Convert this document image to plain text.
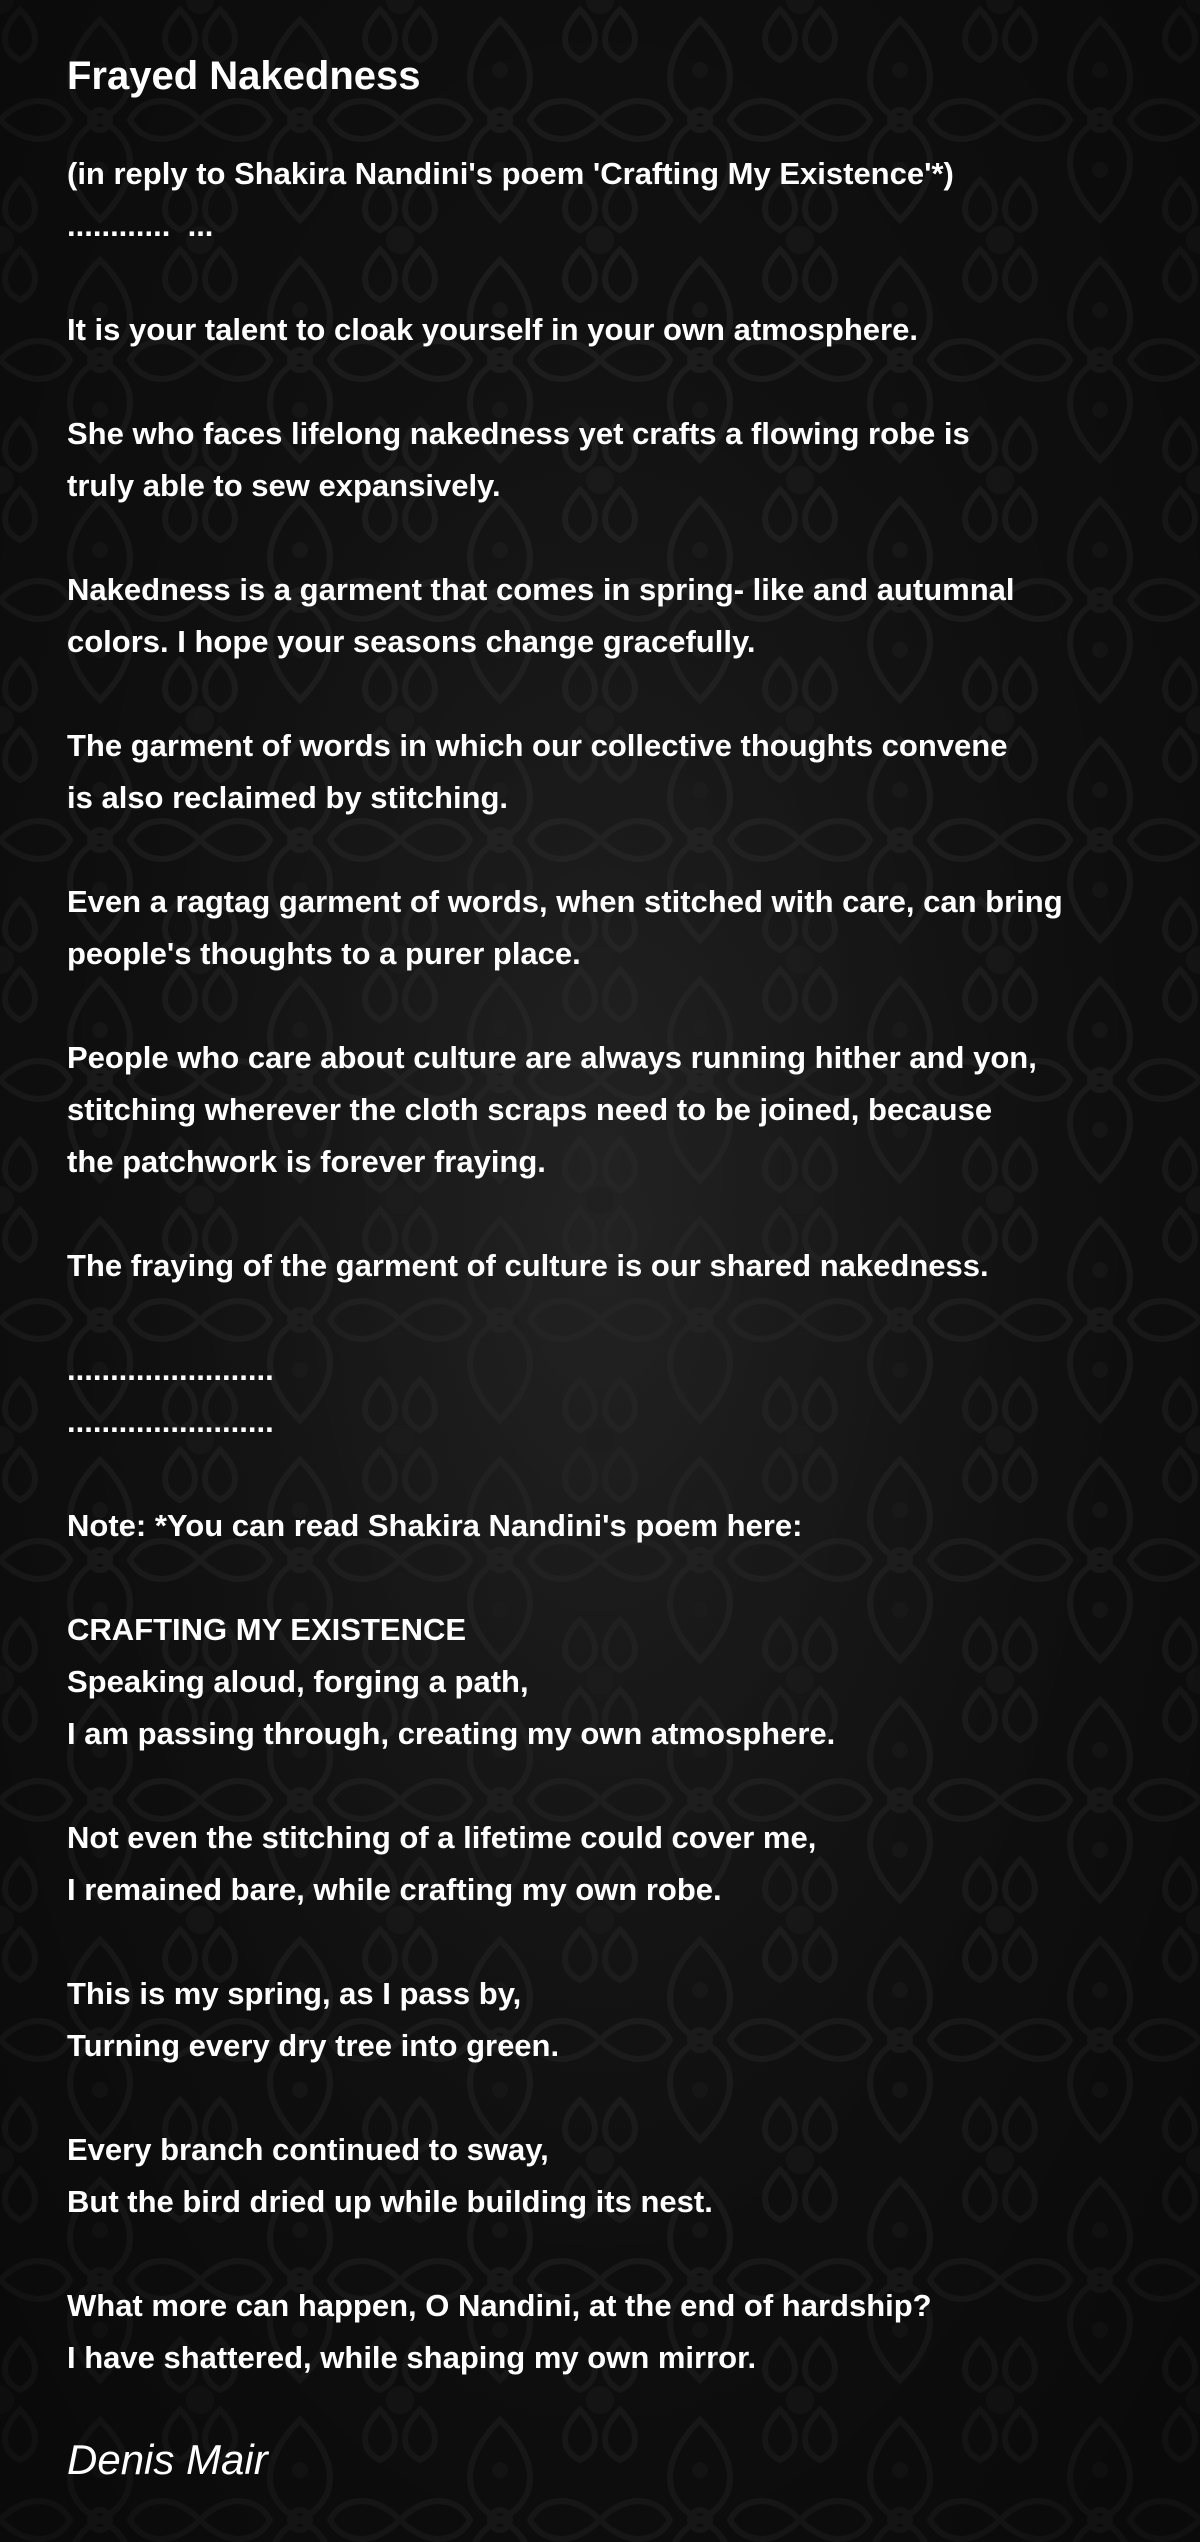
Frayed Nakedness
(in reply to Shakira Nandini's poem 'Crafting My Existence'*)
............  ...
It is your talent to cloak yourself in your own atmosphere.
She who faces lifelong nakedness yet crafts a flowing robe is
truly able to sew expansively.
Nakedness is a garment that comes in spring- like and autumnal
colors. I hope your seasons change gracefully.
The garment of words in which our collective thoughts convene
is also reclaimed by stitching.
Even a ragtag garment of words, when stitched with care, can bring
people's thoughts to a purer place.
People who care about culture are always running hither and yon,
stitching wherever the cloth scraps need to be joined, because
the patchwork is forever fraying.
The fraying of the garment of culture is our shared nakedness.
........................
........................
Note: *You can read Shakira Nandini's poem here:
CRAFTING MY EXISTENCE
Speaking aloud, forging a path,
I am passing through, creating my own atmosphere.
Not even the stitching of a lifetime could cover me,
I remained bare, while crafting my own robe.
This is my spring, as I pass by,
Turning every dry tree into green.
Every branch continued to sway,
But the bird dried up while building its nest.
What more can happen, O Nandini, at the end of hardship?
I have shattered, while shaping my own mirror.
Denis Mair
